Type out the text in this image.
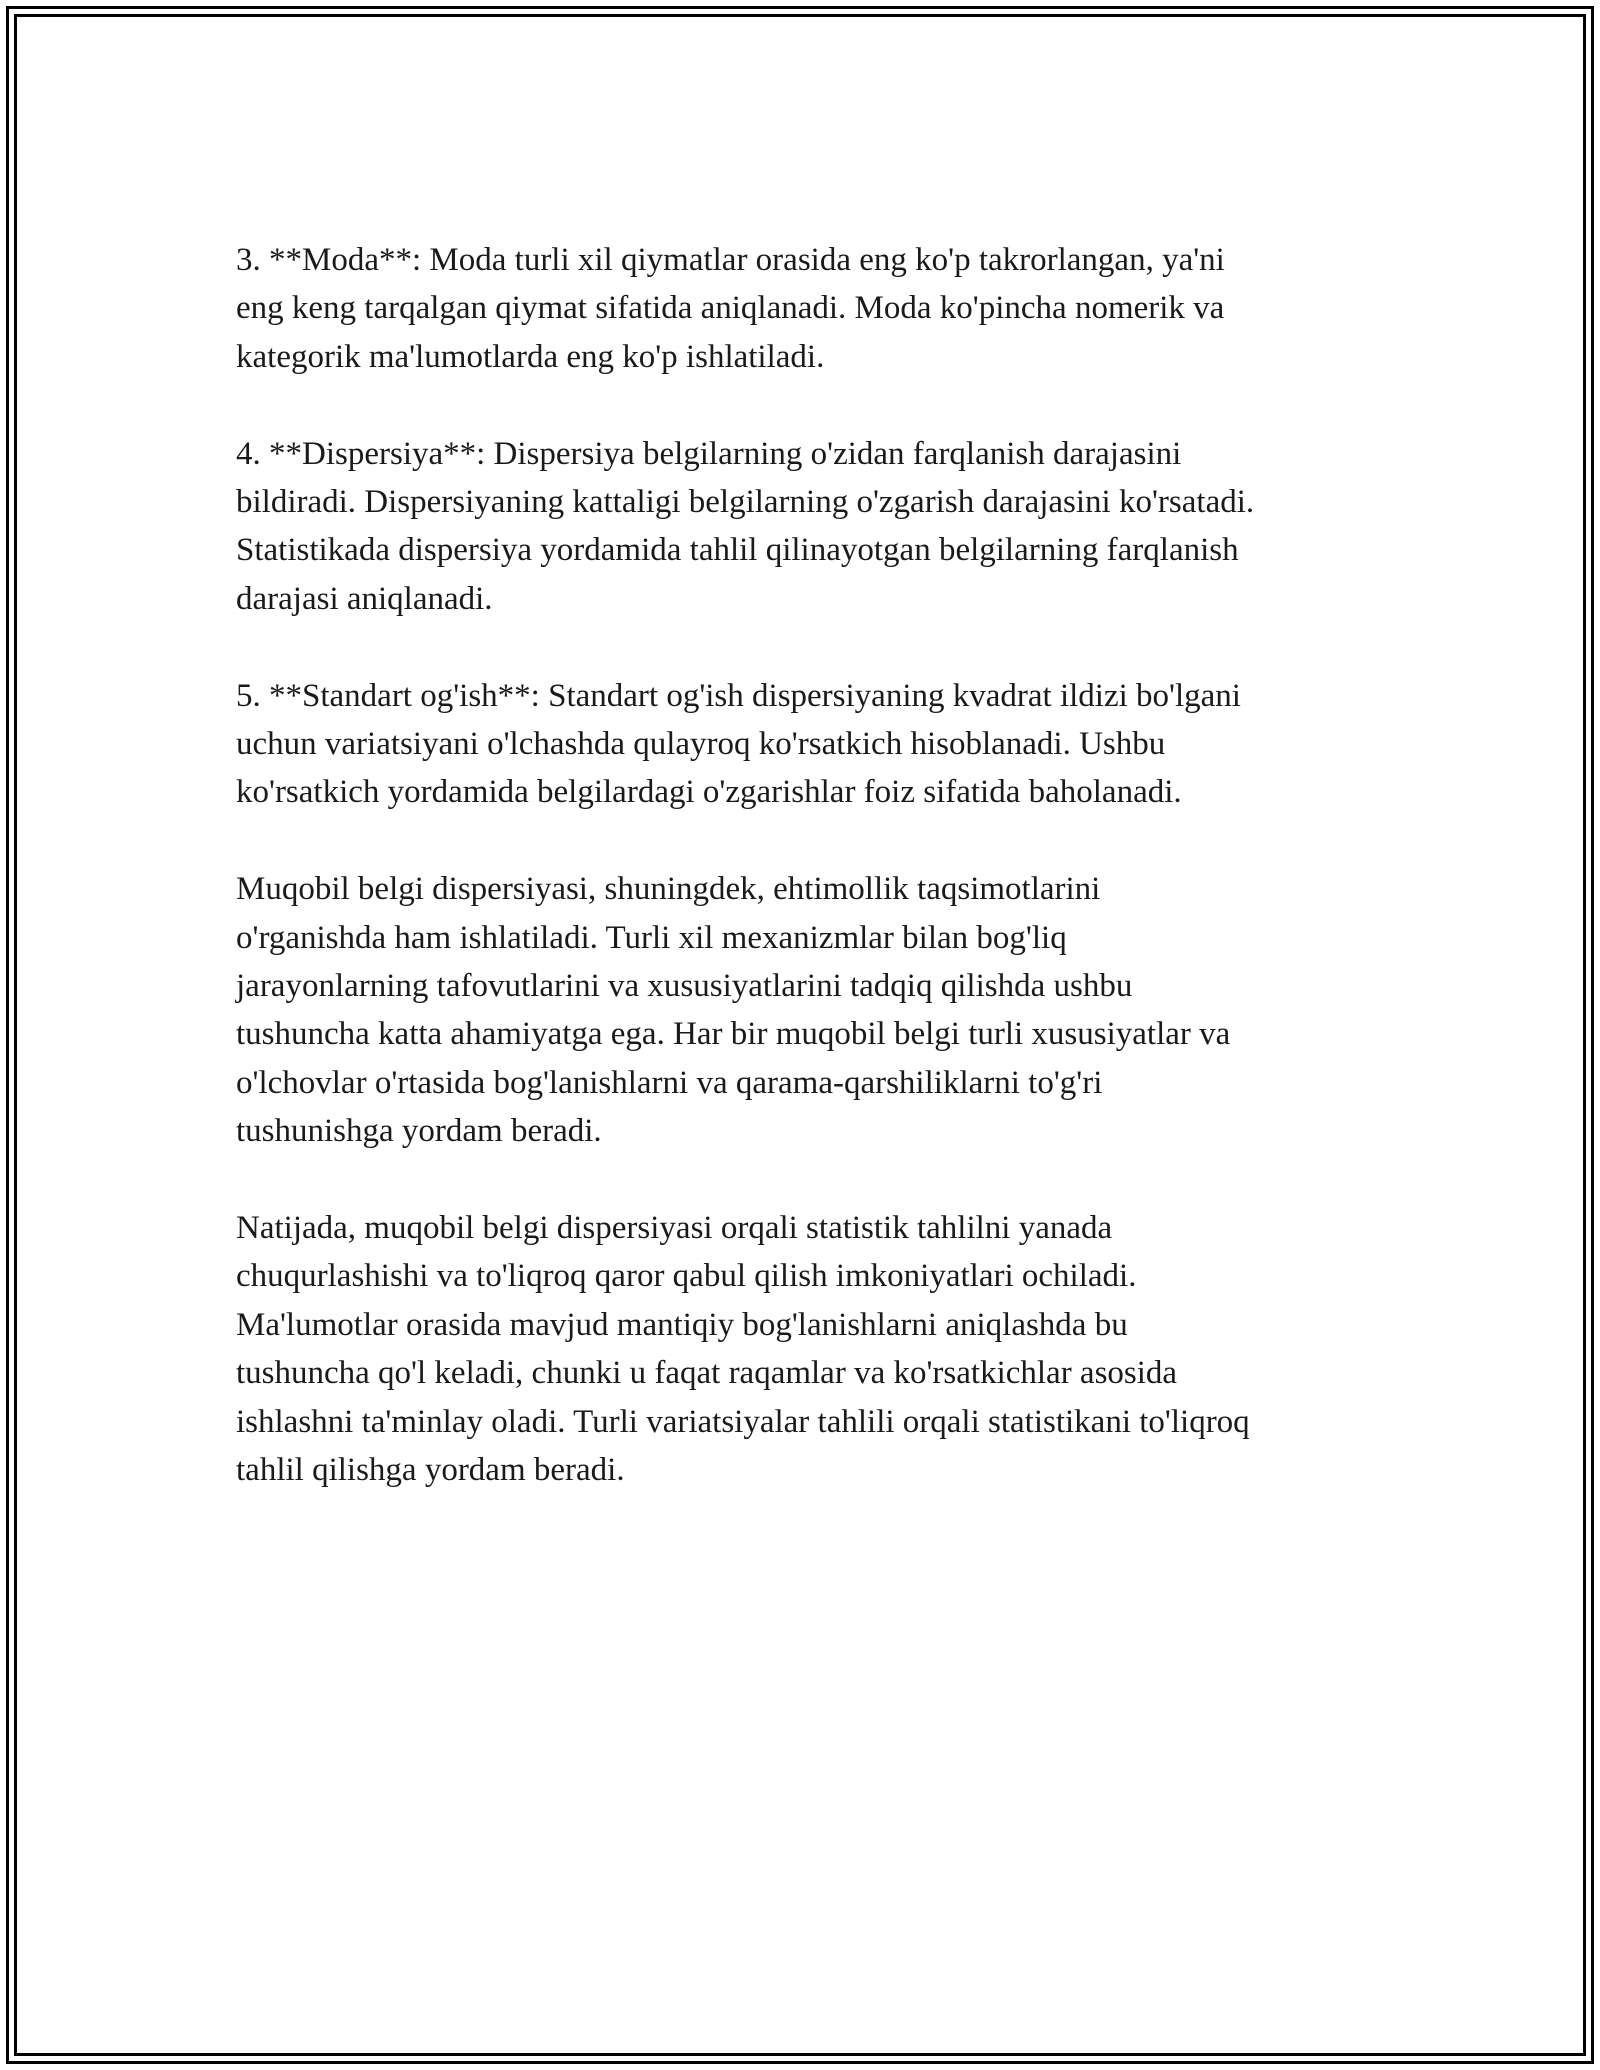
3. **Moda**: Moda turli xil qiymatlar orasida eng ko'p takrorlangan, ya'ni
eng keng tarqalgan qiymat sifatida aniqlanadi. Moda ko'pincha nomerik va
kategorik ma'lumotlarda eng ko'p ishlatiladi.

4. **Dispersiya**: Dispersiya belgilarning o'zidan farqlanish darajasini
bildiradi. Dispersiyaning kattaligi belgilarning o'zgarish darajasini ko'rsatadi.
Statistikada dispersiya yordamida tahlil qilinayotgan belgilarning farqlanish
darajasi aniqlanadi.

5. **Standart og'ish**: Standart og'ish dispersiyaning kvadrat ildizi bo'lgani
uchun variatsiyani o'lchashda qulayroq ko'rsatkich hisoblanadi. Ushbu
ko'rsatkich yordamida belgilardagi o'zgarishlar foiz sifatida baholanadi.

Muqobil belgi dispersiyasi, shuningdek, ehtimollik taqsimotlarini
o'rganishda ham ishlatiladi. Turli xil mexanizmlar bilan bog'liq
jarayonlarning tafovutlarini va xususiyatlarini tadqiq qilishda ushbu
tushuncha katta ahamiyatga ega. Har bir muqobil belgi turli xususiyatlar va
o'lchovlar o'rtasida bog'lanishlarni va qarama-qarshiliklarni to'g'ri
tushunishga yordam beradi.

Natijada, muqobil belgi dispersiyasi orqali statistik tahlilni yanada
chuqurlashishi va to'liqroq qaror qabul qilish imkoniyatlari ochiladi.
Ma'lumotlar orasida mavjud mantiqiy bog'lanishlarni aniqlashda bu
tushuncha qo'l keladi, chunki u faqat raqamlar va ko'rsatkichlar asosida
ishlashni ta'minlay oladi. Turli variatsiyalar tahlili orqali statistikani to'liqroq
tahlil qilishga yordam beradi.
